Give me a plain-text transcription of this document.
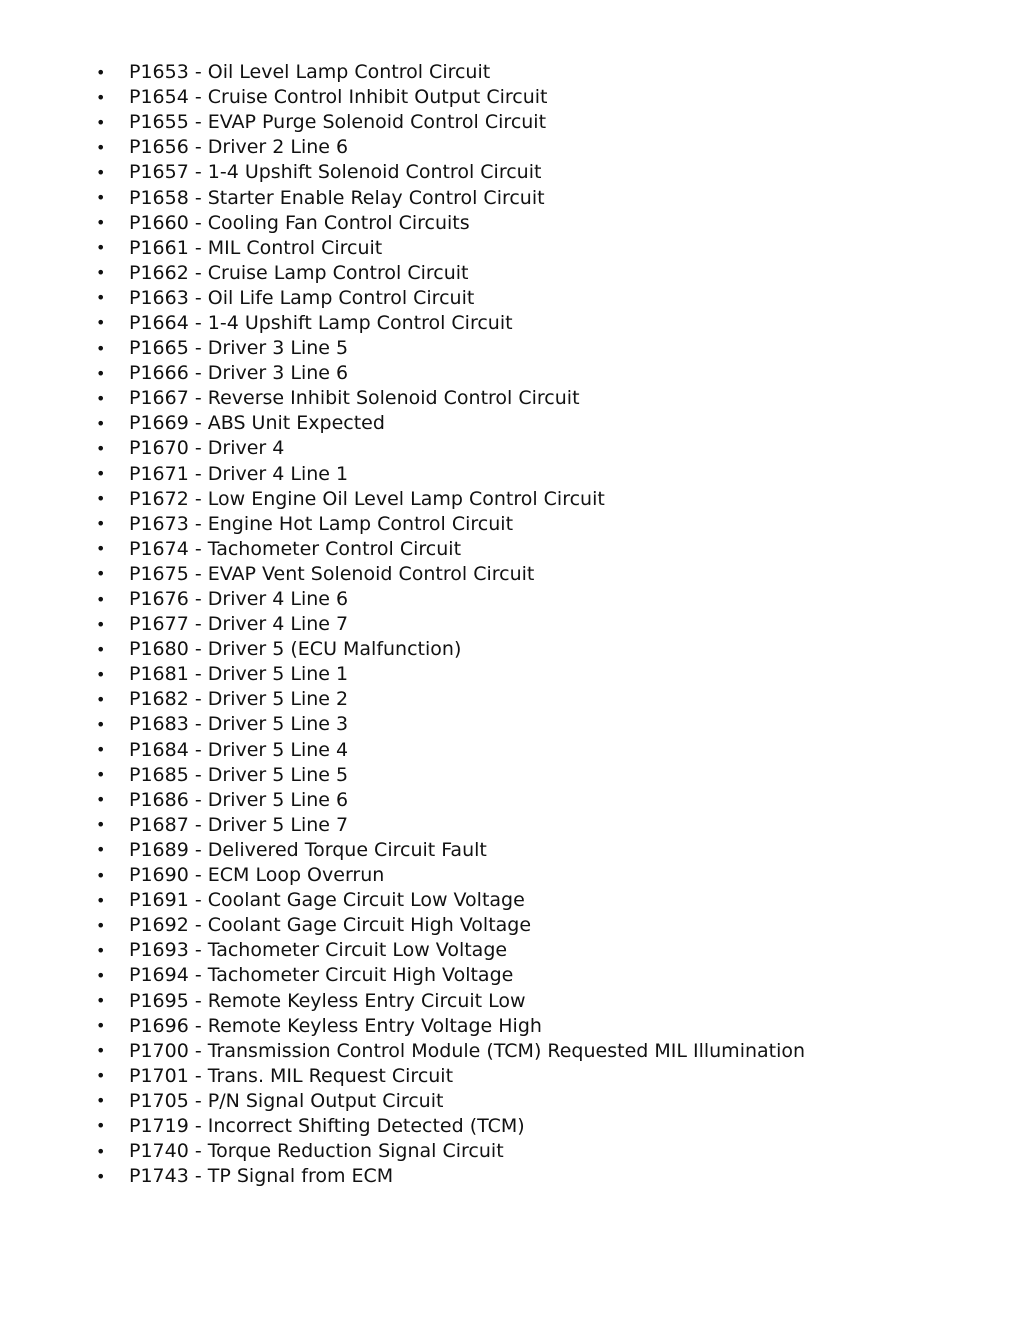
•	P1653 - Oil Level Lamp Control Circuit
•	P1654 - Cruise Control Inhibit Output Circuit
•	P1655 - EVAP Purge Solenoid Control Circuit
•	P1656 - Driver 2 Line 6
•	P1657 - 1-4 Upshift Solenoid Control Circuit
•	P1658 - Starter Enable Relay Control Circuit
•	P1660 - Cooling Fan Control Circuits
•	P1661 - MIL Control Circuit
•	P1662 - Cruise Lamp Control Circuit
•	P1663 - Oil Life Lamp Control Circuit
•	P1664 - 1-4 Upshift Lamp Control Circuit
•	P1665 - Driver 3 Line 5
•	P1666 - Driver 3 Line 6
•	P1667 - Reverse Inhibit Solenoid Control Circuit
•	P1669 - ABS Unit Expected
•	P1670 - Driver 4
•	P1671 - Driver 4 Line 1
•	P1672 - Low Engine Oil Level Lamp Control Circuit
•	P1673 - Engine Hot Lamp Control Circuit
•	P1674 - Tachometer Control Circuit
•	P1675 - EVAP Vent Solenoid Control Circuit
•	P1676 - Driver 4 Line 6
•	P1677 - Driver 4 Line 7
•	P1680 - Driver 5 (ECU Malfunction)
•	P1681 - Driver 5 Line 1
•	P1682 - Driver 5 Line 2
•	P1683 - Driver 5 Line 3
•	P1684 - Driver 5 Line 4
•	P1685 - Driver 5 Line 5
•	P1686 - Driver 5 Line 6
•	P1687 - Driver 5 Line 7
•	P1689 - Delivered Torque Circuit Fault
•	P1690 - ECM Loop Overrun
•	P1691 - Coolant Gage Circuit Low Voltage
•	P1692 - Coolant Gage Circuit High Voltage
•	P1693 - Tachometer Circuit Low Voltage
•	P1694 - Tachometer Circuit High Voltage
•	P1695 - Remote Keyless Entry Circuit Low
•	P1696 - Remote Keyless Entry Voltage High
•	P1700 - Transmission Control Module (TCM) Requested MIL Illumination
•	P1701 - Trans. MIL Request Circuit
•	P1705 - P/N Signal Output Circuit
•	P1719 - Incorrect Shifting Detected (TCM)
•	P1740 - Torque Reduction Signal Circuit
•	P1743 - TP Signal from ECM
